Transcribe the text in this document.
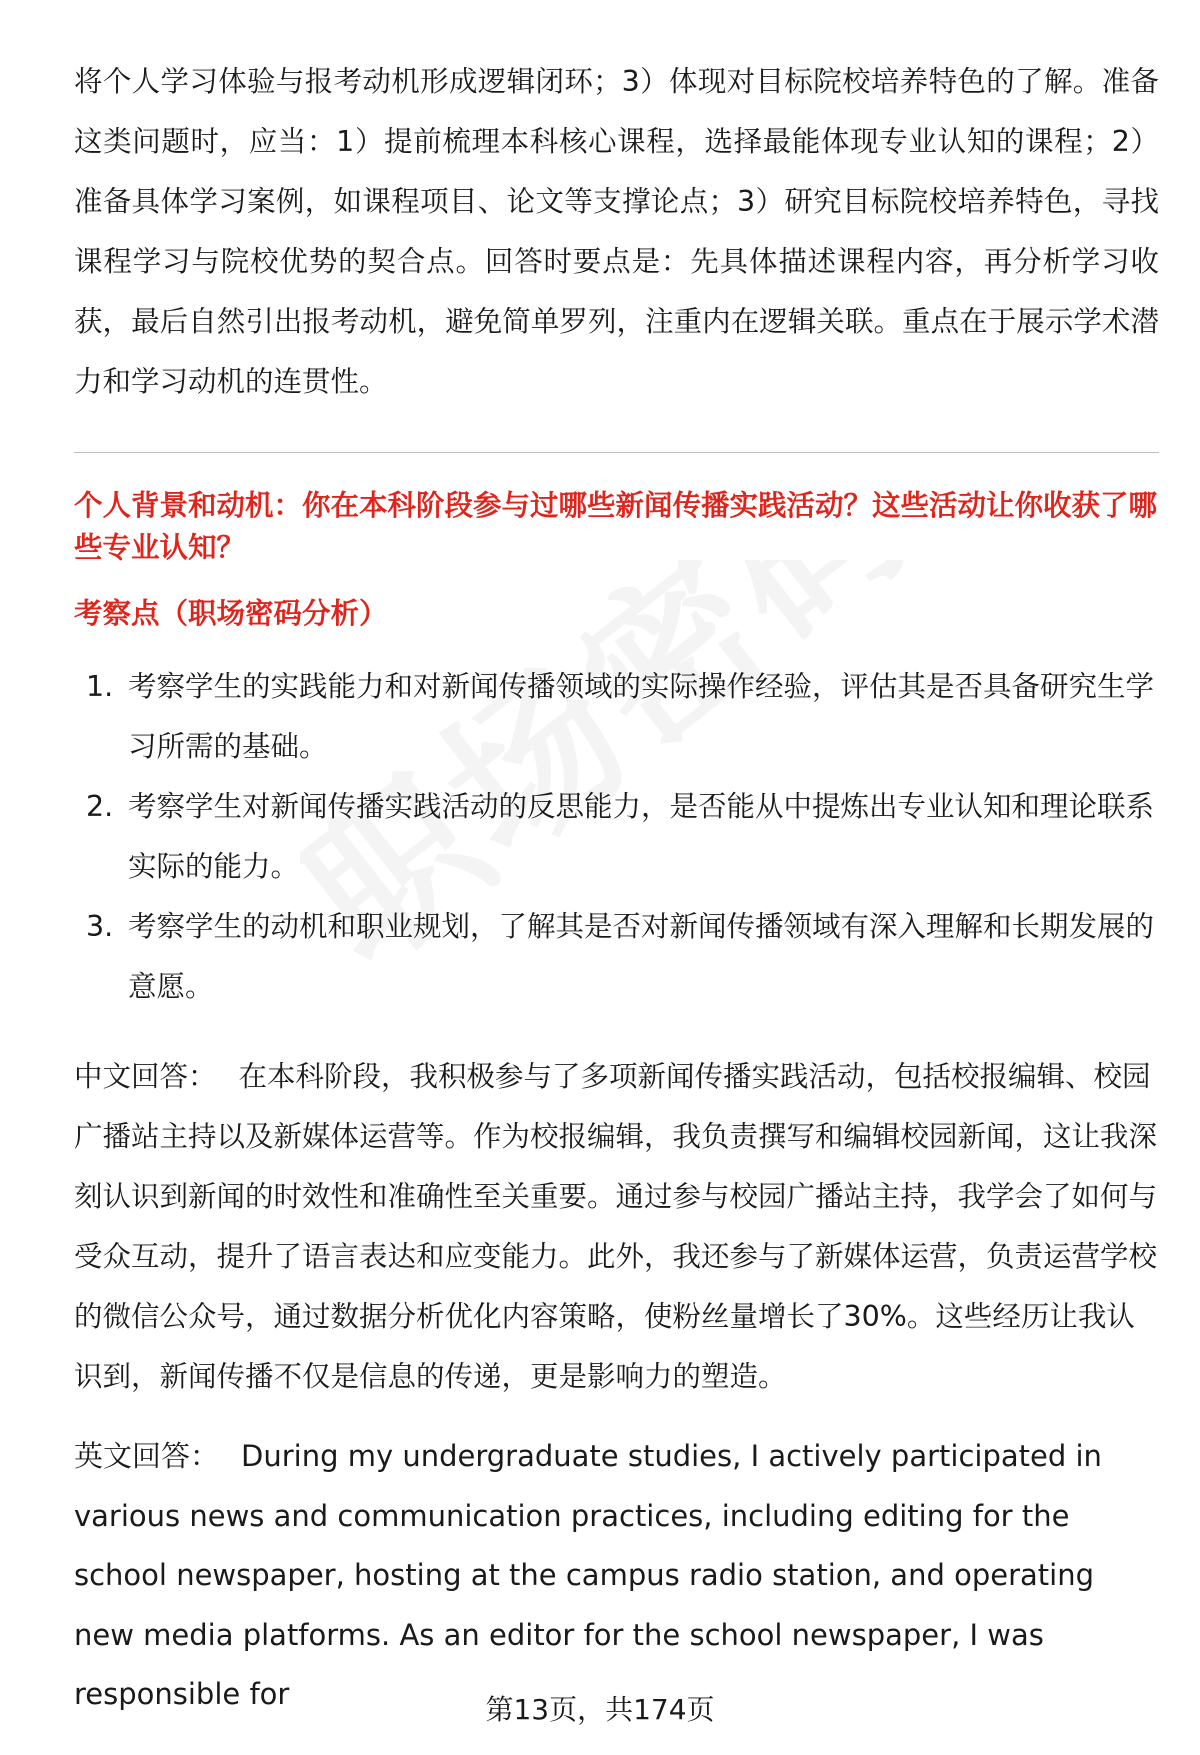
将个人学习体验与报考动机形成逻辑闭环；3）体现对目标院校培养特色的了解。准备这类问题时，应当：1）提前梳理本科核心课程，选择最能体现专业认知的课程；2）准备具体学习案例，如课程项目、论文等支撑论点；3）研究目标院校培养特色，寻找课程学习与院校优势的契合点。回答时要点是：先具体描述课程内容，再分析学习收获，最后自然引出报考动机，避免简单罗列，注重内在逻辑关联。重点在于展示学术潜力和学习动机的连贯性。

个人背景和动机：你在本科阶段参与过哪些新闻传播实践活动？这些活动让你收获了哪些专业认知？

考察点（职场密码分析）

1. 考察学生的实践能力和对新闻传播领域的实际操作经验，评估其是否具备研究生学习所需的基础。
2. 考察学生对新闻传播实践活动的反思能力，是否能从中提炼出专业认知和理论联系实际的能力。
3. 考察学生的动机和职业规划，了解其是否对新闻传播领域有深入理解和长期发展的意愿。

中文回答： 在本科阶段，我积极参与了多项新闻传播实践活动，包括校报编辑、校园广播站主持以及新媒体运营等。作为校报编辑，我负责撰写和编辑校园新闻，这让我深刻认识到新闻的时效性和准确性至关重要。通过参与校园广播站主持，我学会了如何与受众互动，提升了语言表达和应变能力。此外，我还参与了新媒体运营，负责运营学校的微信公众号，通过数据分析优化内容策略，使粉丝量增长了30%。这些经历让我认识到，新闻传播不仅是信息的传递，更是影响力的塑造。

英文回答： During my undergraduate studies, I actively participated in various news and communication practices, including editing for the school newspaper, hosting at the campus radio station, and operating new media platforms. As an editor for the school newspaper, I was responsible for	第13页，共174页
